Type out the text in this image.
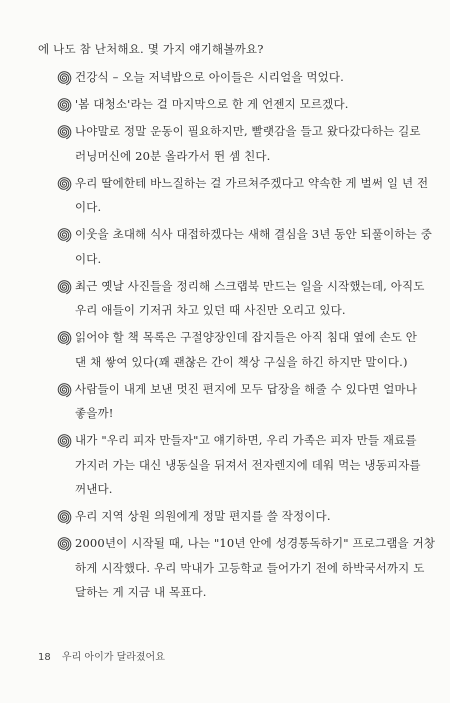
에 나도 참 난처해요. 몇 가지 얘기해볼까요?
건강식 – 오늘 저녁밥으로 아이들은 시리얼을 먹었다.
'봄 대청소'라는 걸 마지막으로 한 게 언젠지 모르겠다.
나야말로 정말 운동이 필요하지만, 빨랫감을 들고 왔다갔다하는 길로
러닝머신에 20분 올라가서 뛴 셈 친다.
우리 딸에한테 바느질하는 걸 가르쳐주겠다고 약속한 게 벌써 일 년 전
이다.
이웃을 초대해 식사 대접하겠다는 새해 결심을 3년 동안 되풀이하는 중
이다.
최근 옛날 사진들을 정리해 스크랩북 만드는 일을 시작했는데, 아직도
우리 애들이 기저귀 차고 있던 때 사진만 오리고 있다.
읽어야 할 책 목록은 구절양장인데 잡지들은 아직 침대 옆에 손도 안
댄 채 쌓여 있다(꽤 괜찮은 간이 책상 구실을 하긴 하지만 말이다.)
사람들이 내게 보낸 멋진 편지에 모두 답장을 해줄 수 있다면 얼마나
좋을까!
내가 "우리 피자 만들자"고 얘기하면, 우리 가족은 피자 만들 재료를
가지러 가는 대신 냉동실을 뒤져서 전자렌지에 데워 먹는 냉동피자를
꺼낸다.
우리 지역 상원 의원에게 정말 편지를 쓸 작정이다.
2000년이 시작될 때, 나는 "10년 안에 성경통독하기" 프로그램을 거창
하게 시작했다. 우리 막내가 고등학교 들어가기 전에 하박국서까지 도
달하는 게 지금 내 목표다.
18 우리 아이가 달라졌어요
